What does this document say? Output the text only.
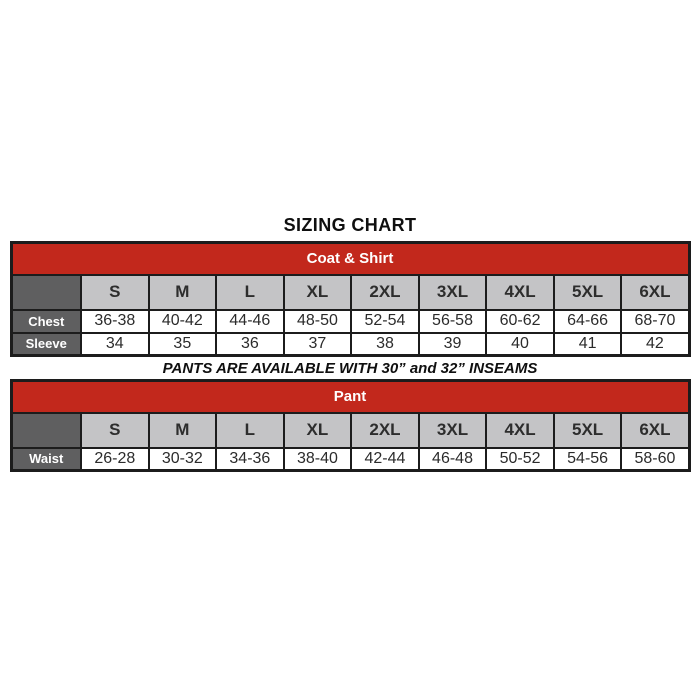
SIZING CHART
Coat & Shirt									
	S	M	L	XL	2XL	3XL	4XL	5XL	6XL
Chest	36-38	40-42	44-46	48-50	52-54	56-58	60-62	64-66	68-70
Sleeve	34	35	36	37	38	39	40	41	42

PANTS ARE AVAILABLE WITH 30” and 32” INSEAMS

Pant									
	S	M	L	XL	2XL	3XL	4XL	5XL	6XL
Waist	26-28	30-32	34-36	38-40	42-44	46-48	50-52	54-56	58-60
